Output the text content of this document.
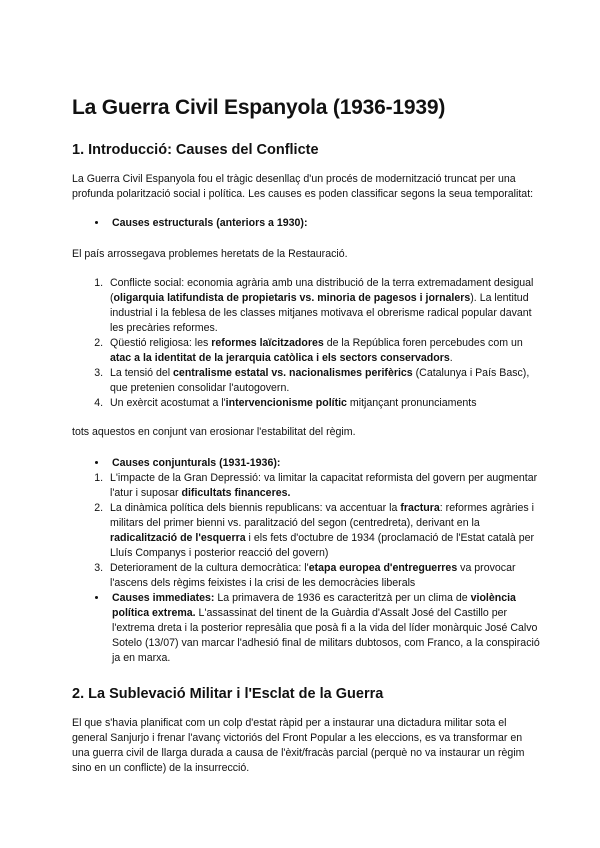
La Guerra Civil Espanyola (1936-1939)
1. Introducció: Causes del Conflicte

La Guerra Civil Espanyola fou el tràgic desenllaç d'un procés de modernització truncat per una profunda polarització social i política. Les causes es poden classificar segons la seua temporalitat:

• Causes estructurals (anteriors a 1930):

El país arrossegava problemes heretats de la Restauració.

1. Conflicte social: economia agrària amb una distribució de la terra extremadament desigual (oligarquia latifundista de propietaris vs. minoria de pagesos i jornalers). La lentitud industrial i la feblesa de les classes mitjanes motivava el obrerisme radical popular davant les precàries reformes.
2. Qüestió religiosa: les reformes laïcitzadores de la República foren percebudes com un atac a la identitat de la jerarquia catòlica i els sectors conservadors.
3. La tensió del centralisme estatal vs. nacionalismes perifèrics (Catalunya i País Basc), que pretenien consolidar l'autogovern.
4. Un exèrcit acostumat a l'intervencionisme polític mitjançant pronunciaments

tots aquestos en conjunt van erosionar l'estabilitat del règim.

• Causes conjunturals (1931-1936):
1. L'impacte de la Gran Depressió: va limitar la capacitat reformista del govern per augmentar l'atur i suposar dificultats financeres.
2. La dinàmica política dels biennis republicans: va accentuar la fractura: reformes agràries i militars del primer bienni vs. paralització del segon (centredreta), derivant en la radicalització de l'esquerra i els fets d'octubre de 1934 (proclamació de l'Estat català per Lluís Companys i posterior reacció del govern)
3. Deteriorament de la cultura democràtica: l'etapa europea d'entreguerres va provocar l'ascens dels règims feixistes i la crisi de les democràcies liberals
• Causes immediates: La primavera de 1936 es caracteritzà per un clima de violència política extrema. L'assassinat del tinent de la Guàrdia d'Assalt José del Castillo per l'extrema dreta i la posterior represàlia que posà fi a la vida del líder monàrquic José Calvo Sotelo (13/07) van marcar l'adhesió final de militars dubtosos, com Franco, a la conspiració ja en marxa.
2. La Sublevació Militar i l'Esclat de la Guerra

El que s'havia planificat com un colp d'estat ràpid per a instaurar una dictadura militar sota el general Sanjurjo i frenar l'avanç victoriós del Front Popular a les eleccions, es va transformar en una guerra civil de llarga durada a causa de l'èxit/fracàs parcial (perquè no va instaurar un règim sino en un conflicte) de la insurrecció.
